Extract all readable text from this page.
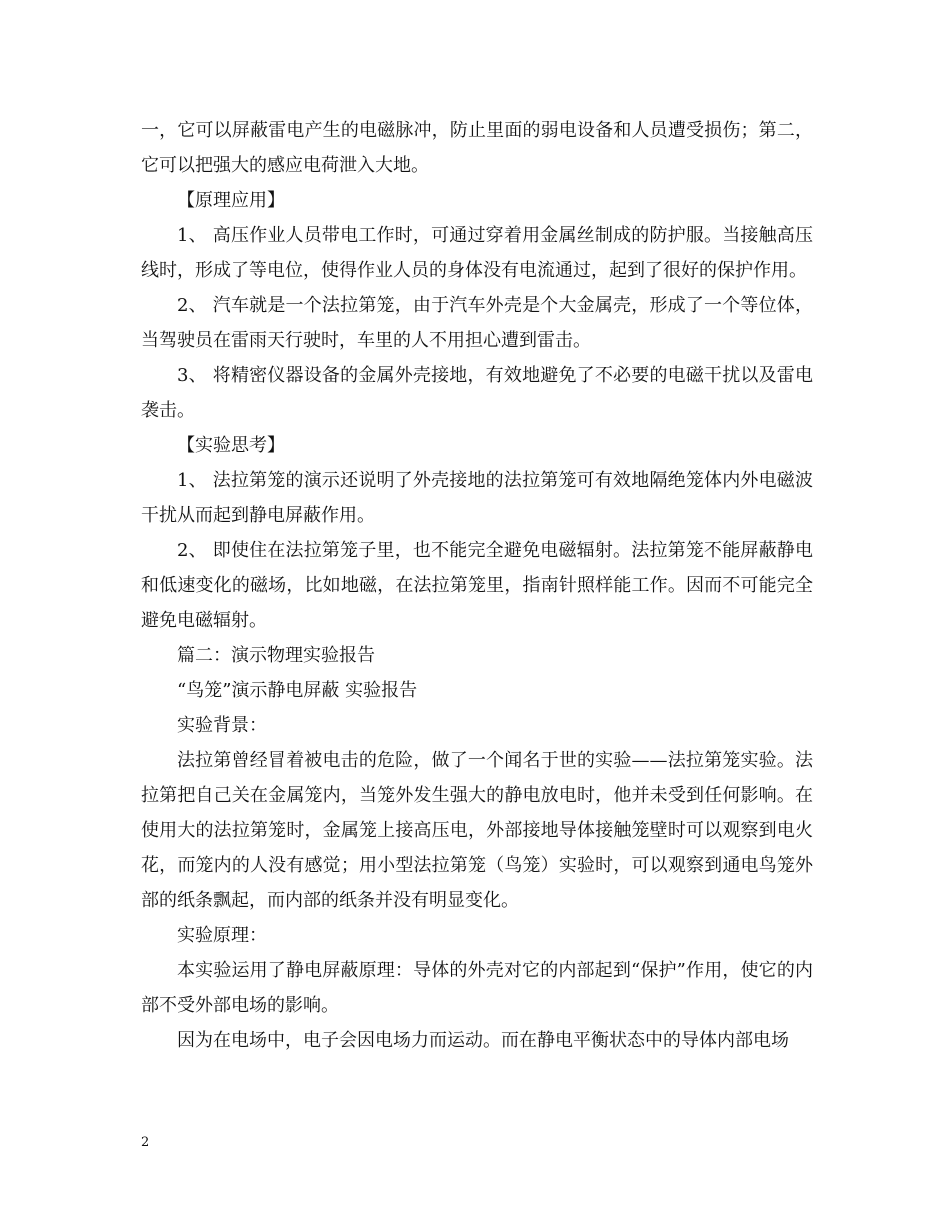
一，它可以屏蔽雷电产生的电磁脉冲，防止里面的弱电设备和人员遭受损伤；第二，它可以把强大的感应电荷泄入大地。

【原理应用】

1、 高压作业人员带电工作时，可通过穿着用金属丝制成的防护服。当接触高压线时，形成了等电位，使得作业人员的身体没有电流通过，起到了很好的保护作用。

2、 汽车就是一个法拉第笼，由于汽车外壳是个大金属壳，形成了一个等位体，当驾驶员在雷雨天行驶时，车里的人不用担心遭到雷击。

3、 将精密仪器设备的金属外壳接地，有效地避免了不必要的电磁干扰以及雷电袭击。

【实验思考】

1、 法拉第笼的演示还说明了外壳接地的法拉第笼可有效地隔绝笼体内外电磁波干扰从而起到静电屏蔽作用。

2、 即使住在法拉第笼子里，也不能完全避免电磁辐射。法拉第笼不能屏蔽静电和低速变化的磁场，比如地磁，在法拉第笼里，指南针照样能工作。因而不可能完全避免电磁辐射。

篇二：演示物理实验报告

“鸟笼”演示静电屏蔽 实验报告

实验背景：

法拉第曾经冒着被电击的危险，做了一个闻名于世的实验——法拉第笼实验。法拉第把自己关在金属笼内，当笼外发生强大的静电放电时，他并未受到任何影响。在使用大的法拉第笼时，金属笼上接高压电，外部接地导体接触笼壁时可以观察到电火花，而笼内的人没有感觉；用小型法拉第笼（鸟笼）实验时，可以观察到通电鸟笼外部的纸条飘起，而内部的纸条并没有明显变化。

实验原理：

本实验运用了静电屏蔽原理：导体的外壳对它的内部起到“保护”作用，使它的内部不受外部电场的影响。

因为在电场中，电子会因电场力而运动。而在静电平衡状态中的导体内部电场

2
